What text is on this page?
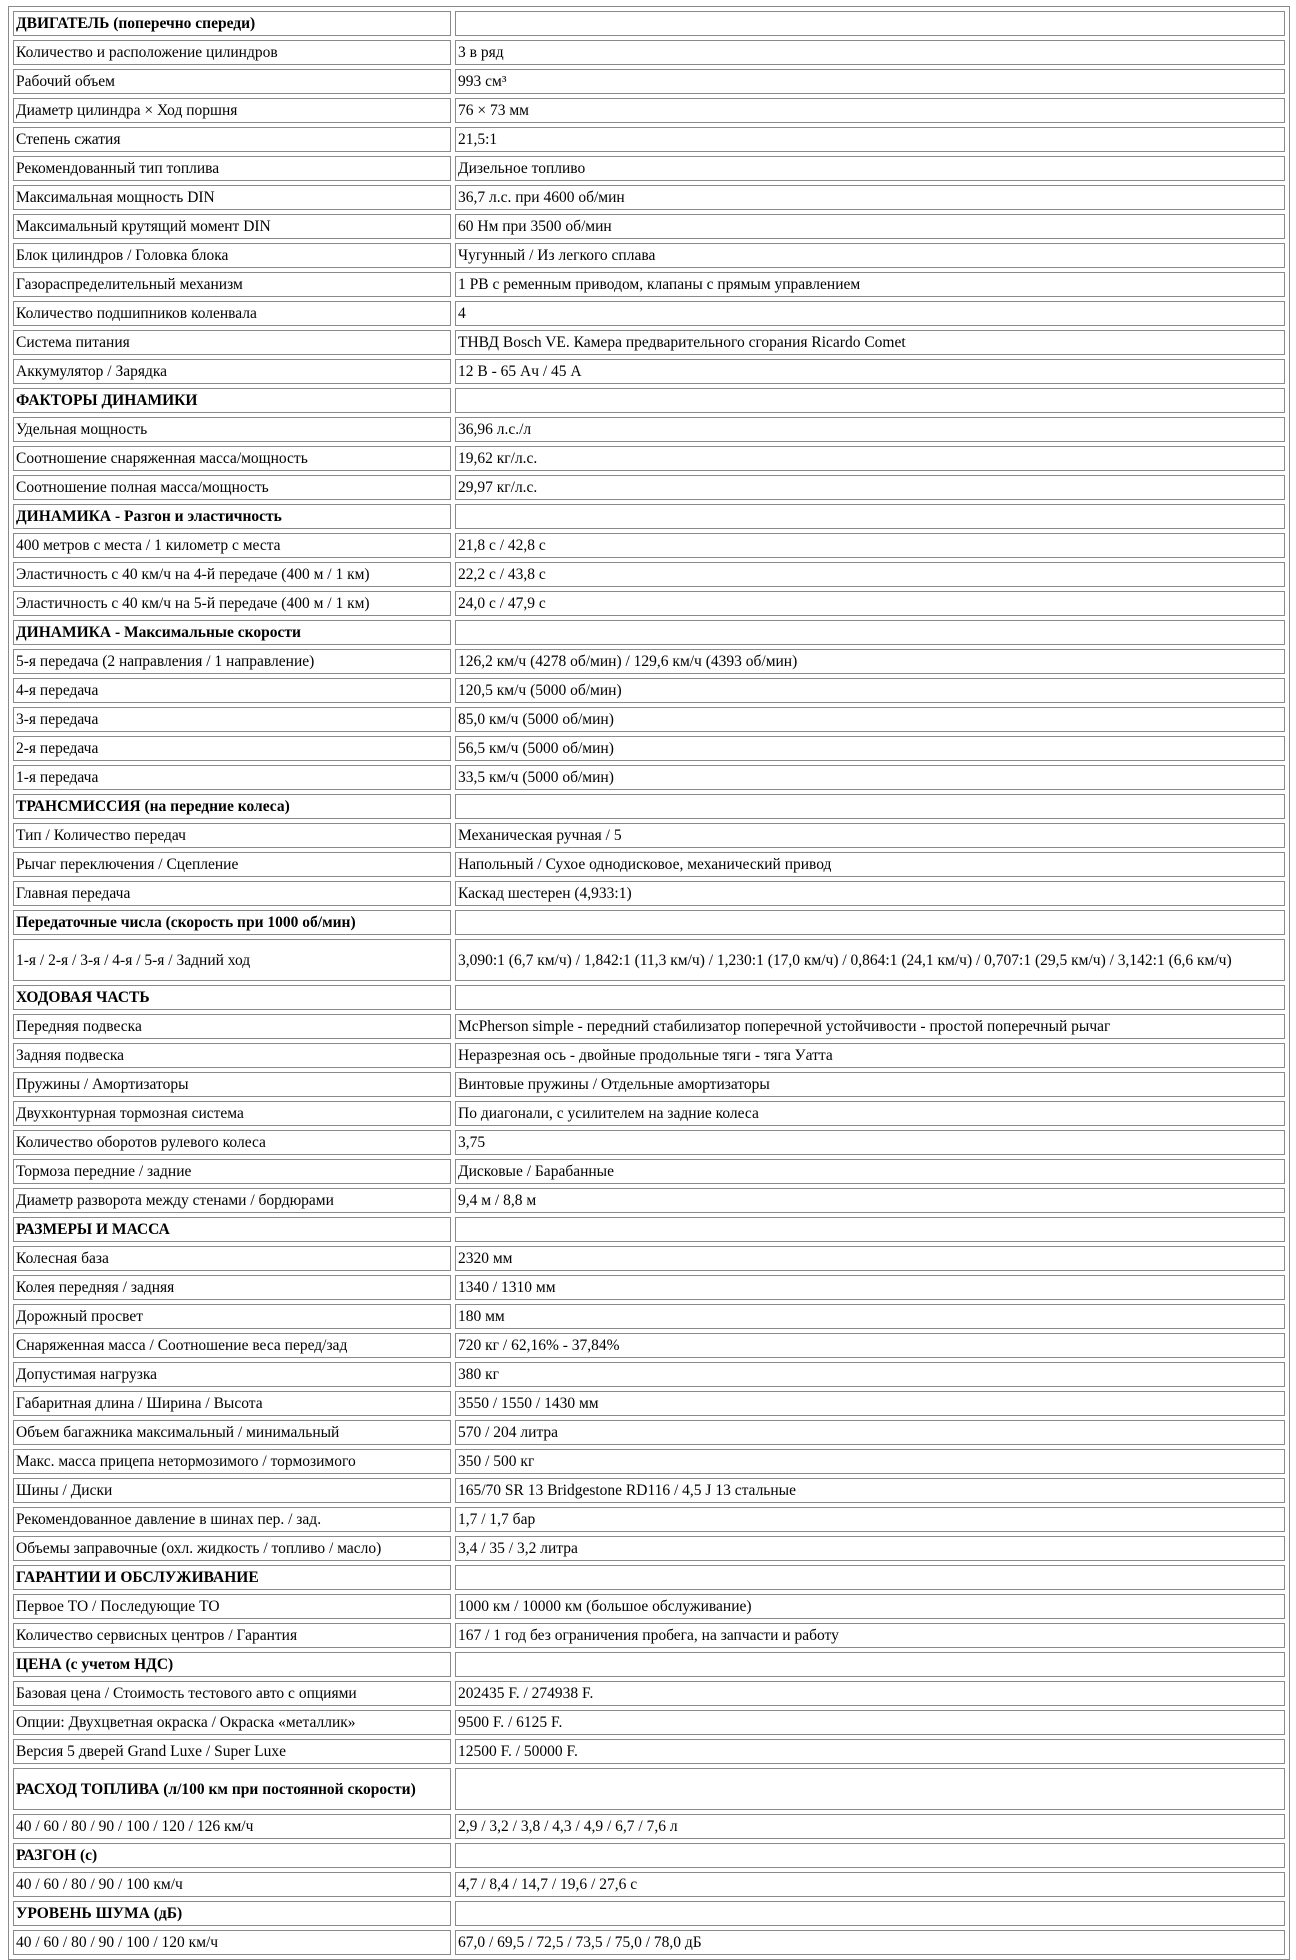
ДВИГАТЕЛЬ (поперечно спереди)	
Количество и расположение цилиндров	3 в ряд
Рабочий объем	993 см³
Диаметр цилиндра × Ход поршня	76 × 73 мм
Степень сжатия	21,5:1
Рекомендованный тип топлива	Дизельное топливо
Максимальная мощность DIN	36,7 л.с. при 4600 об/мин
Максимальный крутящий момент DIN	60 Нм при 3500 об/мин
Блок цилиндров / Головка блока	Чугунный / Из легкого сплава
Газораспределительный механизм	1 РВ с ременным приводом, клапаны с прямым управлением
Количество подшипников коленвала	4
Система питания	ТНВД Bosch VE. Камера предварительного сгорания Ricardo Comet
Аккумулятор / Зарядка	12 В - 65 Ач / 45 А
ФАКТОРЫ ДИНАМИКИ	
Удельная мощность	36,96 л.с./л
Соотношение снаряженная масса/мощность	19,62 кг/л.с.
Соотношение полная масса/мощность	29,97 кг/л.с.
ДИНАМИКА - Разгон и эластичность	
400 метров с места / 1 километр с места	21,8 с / 42,8 с
Эластичность с 40 км/ч на 4-й передаче (400 м / 1 км)	22,2 с / 43,8 с
Эластичность с 40 км/ч на 5-й передаче (400 м / 1 км)	24,0 с / 47,9 с
ДИНАМИКА - Максимальные скорости	
5-я передача (2 направления / 1 направление)	126,2 км/ч (4278 об/мин) / 129,6 км/ч (4393 об/мин)
4-я передача	120,5 км/ч (5000 об/мин)
3-я передача	85,0 км/ч (5000 об/мин)
2-я передача	56,5 км/ч (5000 об/мин)
1-я передача	33,5 км/ч (5000 об/мин)
ТРАНСМИССИЯ (на передние колеса)	
Тип / Количество передач	Механическая ручная / 5
Рычаг переключения / Сцепление	Напольный / Сухое однодисковое, механический привод
Главная передача	Каскад шестерен (4,933:1)
Передаточные числа (скорость при 1000 об/мин)	
1-я / 2-я / 3-я / 4-я / 5-я / Задний ход	3,090:1 (6,7 км/ч) / 1,842:1 (11,3 км/ч) / 1,230:1 (17,0 км/ч) / 0,864:1 (24,1 км/ч) / 0,707:1 (29,5 км/ч) / 3,142:1 (6,6 км/ч)
ХОДОВАЯ ЧАСТЬ	
Передняя подвеска	McPherson simple - передний стабилизатор поперечной устойчивости - простой поперечный рычаг
Задняя подвеска	Неразрезная ось - двойные продольные тяги - тяга Уатта
Пружины / Амортизаторы	Винтовые пружины / Отдельные амортизаторы
Двухконтурная тормозная система	По диагонали, с усилителем на задние колеса
Количество оборотов рулевого колеса	3,75
Тормоза передние / задние	Дисковые / Барабанные
Диаметр разворота между стенами / бордюрами	9,4 м / 8,8 м
РАЗМЕРЫ И МАССА	
Колесная база	2320 мм
Колея передняя / задняя	1340 / 1310 мм
Дорожный просвет	180 мм
Снаряженная масса / Соотношение веса перед/зад	720 кг / 62,16% - 37,84%
Допустимая нагрузка	380 кг
Габаритная длина / Ширина / Высота	3550 / 1550 / 1430 мм
Объем багажника максимальный / минимальный	570 / 204 литра
Макс. масса прицепа нетормозимого / тормозимого	350 / 500 кг
Шины / Диски	165/70 SR 13 Bridgestone RD116 / 4,5 J 13 стальные
Рекомендованное давление в шинах пер. / зад.	1,7 / 1,7 бар
Объемы заправочные (охл. жидкость / топливо / масло)	3,4 / 35 / 3,2 литра
ГАРАНТИИ И ОБСЛУЖИВАНИЕ	
Первое ТО / Последующие ТО	1000 км / 10000 км (большое обслуживание)
Количество сервисных центров / Гарантия	167 / 1 год без ограничения пробега, на запчасти и работу
ЦЕНА (с учетом НДС)	
Базовая цена / Стоимость тестового авто с опциями	202435 F. / 274938 F.
Опции: Двухцветная окраска / Окраска «металлик»	9500 F. / 6125 F.
Версия 5 дверей Grand Luxe / Super Luxe	12500 F. / 50000 F.
РАСХОД ТОПЛИВА (л/100 км при постоянной скорости)	
40 / 60 / 80 / 90 / 100 / 120 / 126 км/ч	2,9 / 3,2 / 3,8 / 4,3 / 4,9 / 6,7 / 7,6 л
РАЗГОН (с)	
40 / 60 / 80 / 90 / 100 км/ч	4,7 / 8,4 / 14,7 / 19,6 / 27,6 с
УРОВЕНЬ ШУМА (дБ)	
40 / 60 / 80 / 90 / 100 / 120 км/ч	67,0 / 69,5 / 72,5 / 73,5 / 75,0 / 78,0 дБ
